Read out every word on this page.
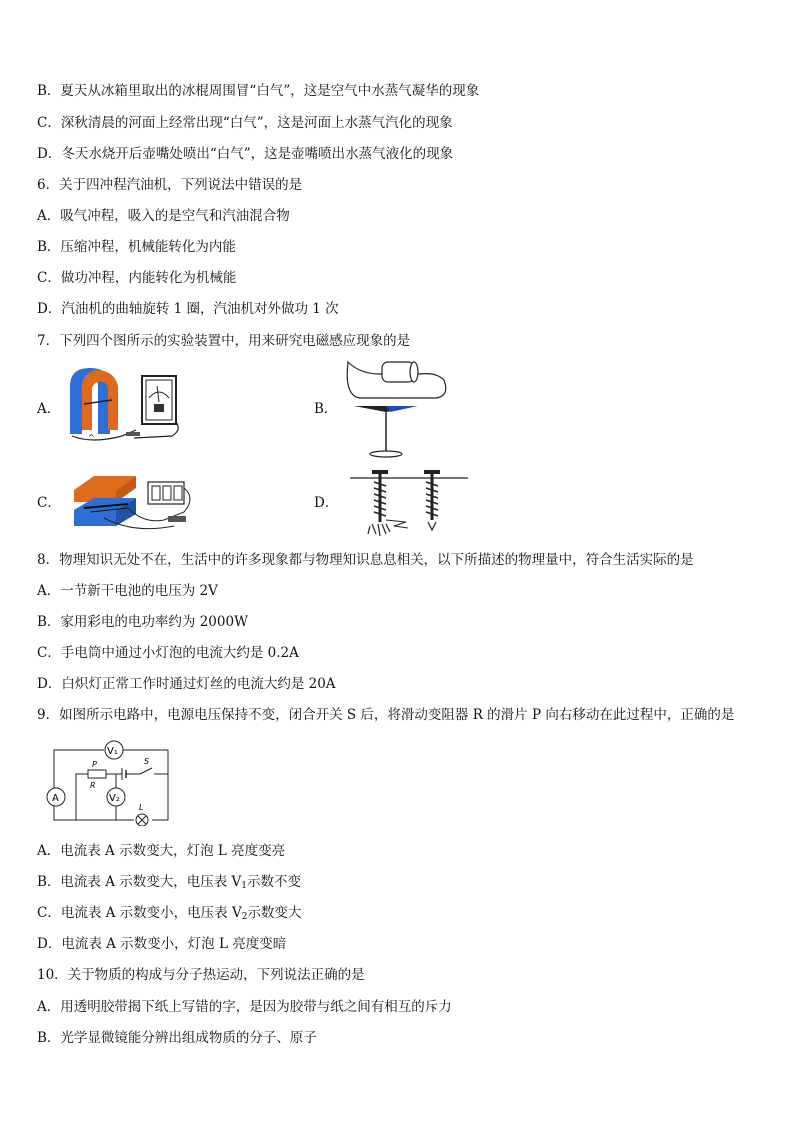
B．夏天从冰箱里取出的冰棍周围冒“白气”，这是空气中水蒸气凝华的现象
C．深秋清晨的河面上经常出现“白气”，这是河面上水蒸气汽化的现象
D．冬天水烧开后壶嘴处喷出“白气”，这是壶嘴喷出水蒸气液化的现象
6．关于四冲程汽油机，下列说法中错误的是
A．吸气冲程，吸入的是空气和汽油混合物
B．压缩冲程，机械能转化为内能
C．做功冲程，内能转化为机械能
D．汽油机的曲轴旋转 1 圈，汽油机对外做功 1 次
7．下列四个图所示的实验装置中，用来研究电磁感应现象的是
A．
^
B．
C．	D．
8．物理知识无处不在，生活中的许多现象都与物理知识息息相关，以下所描述的物理量中，符合生活实际的是
A．一节新干电池的电压为 2V
B．家用彩电的电功率约为 2000W
C．手电筒中通过小灯泡的电流大约是 0.2A
D．白炽灯正常工作时通过灯丝的电流大约是 20A
9．如图所示电路中，电源电压保持不变，闭合开关 S 后，将滑动变阻器 R 的滑片 P 向右移动在此过程中，正确的是
V₁
A
P
R
S
V₂
L
A．电流表 A 示数变大，灯泡 L 亮度变亮
B．电流表 A 示数变大，电压表 $V_1$示数不变
C．电流表 A 示数变小，电压表 $V_2$示数变大
D．电流表 A 示数变小，灯泡 L 亮度变暗
10．关于物质的构成与分子热运动，下列说法正确的是
A．用透明胶带揭下纸上写错的字，是因为胶带与纸之间有相互的斥力
B．光学显微镜能分辨出组成物质的分子、原子
